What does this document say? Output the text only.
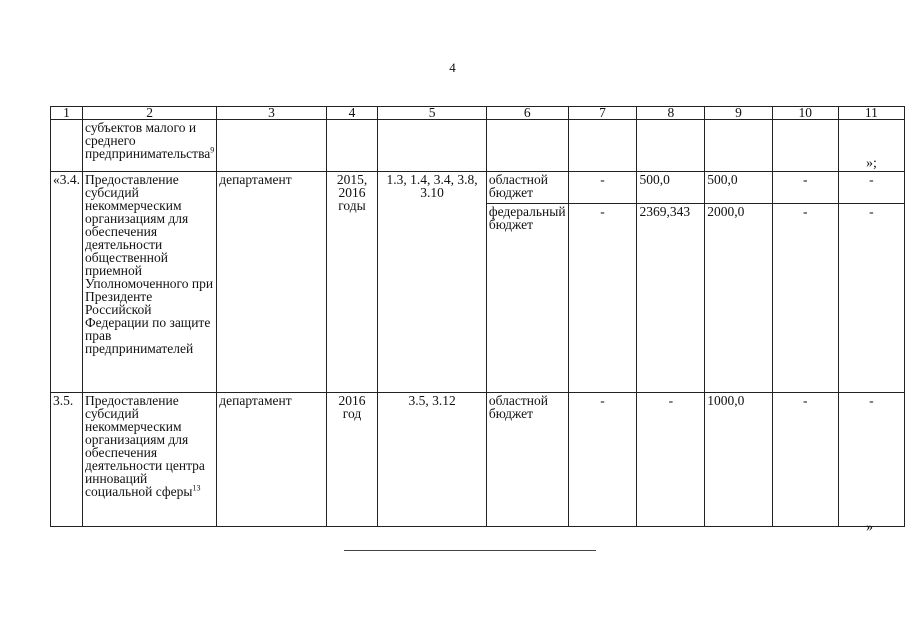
4
1	2	3	4	5	6	7	8	9	10	11
	субъектов малого и среднего предпринимательства$^9$									
«3.4.	Предоставление субсидий некоммерческим организациям для обеспечения деятельности общественной приемной Уполномоченного при Президенте Российской Федерации по защите прав предпринимателей	департамент	2015, 2016 годы	1.3, 1.4, 3.4, 3.8, 3.10	областной бюджет	-	500,0	500,0	-	-
					федеральный бюджет	-	2369,343	2000,0	-	-
3.5.	Предоставление субсидий некоммерческим организациям для обеспечения деятельности центра инноваций социальной сферы$^{13}$	департамент	2016 год	3.5, 3.12	областной бюджет	-	-	1000,0	-	-
»;
»
